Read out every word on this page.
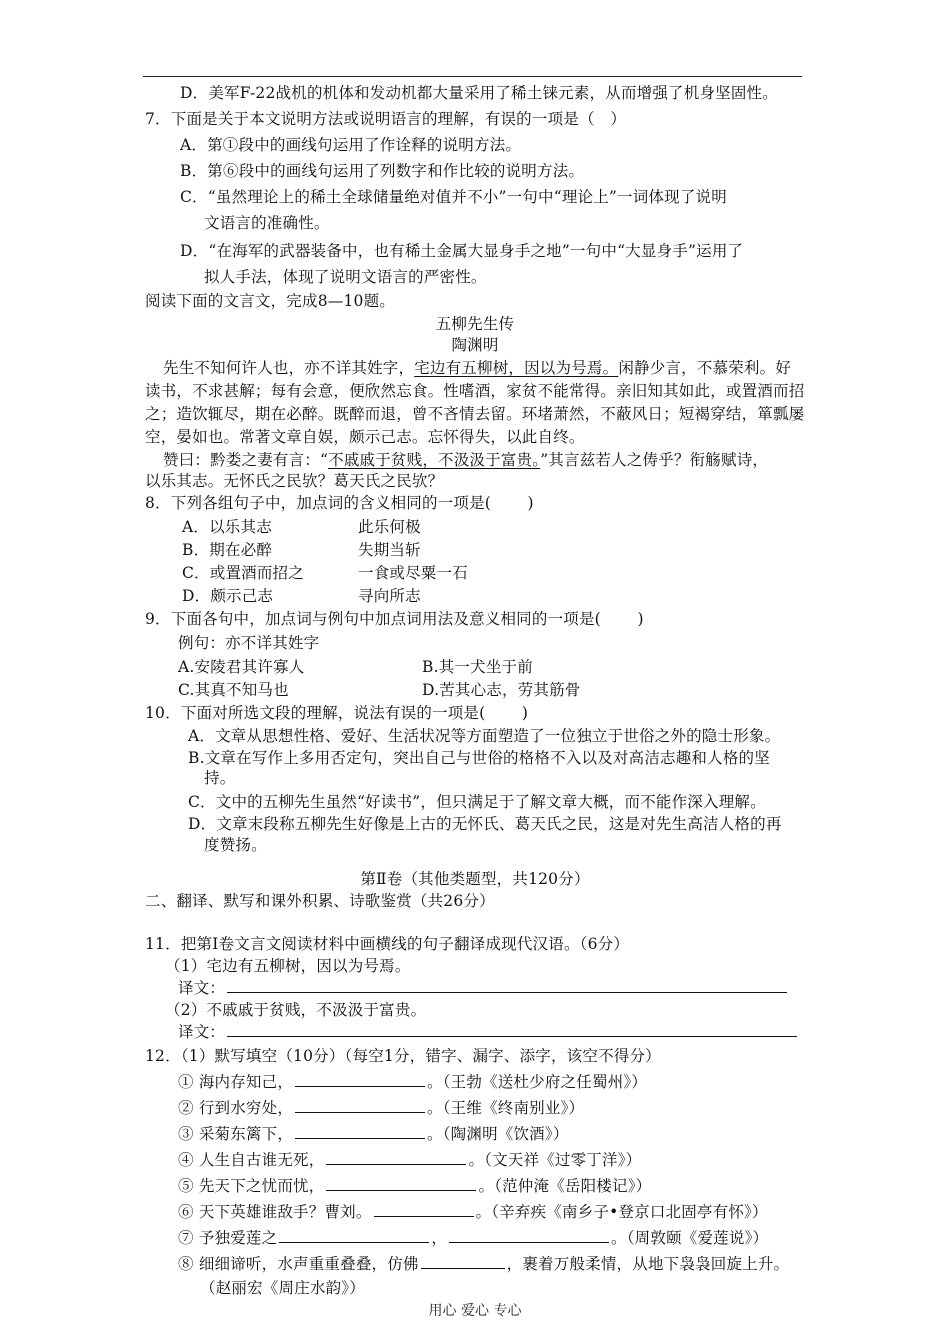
D．美军F-22战机的机体和发动机都大量采用了稀土铼元素，从而增强了机身坚固性。
7．下面是关于本文说明方法或说明语言的理解，有误的一项是（　）
A．第①段中的画线句运用了作诠释的说明方法。
B．第⑥段中的画线句运用了列数字和作比较的说明方法。
C．“虽然理论上的稀土全球储量绝对值并不小”一句中“理论上”一词体现了说明
文语言的准确性。
D．“在海军的武器装备中，也有稀土金属大显身手之地”一句中“大显身手”运用了
拟人手法，体现了说明文语言的严密性。
阅读下面的文言文，完成8—10题。
五柳先生传
陶渊明
先生不知何许人也，亦不详其姓字，宅边有五柳树，因以为号焉。闲静少言，不慕荣利。好
读书，不求甚解；每有会意，便欣然忘食。性嗜酒，家贫不能常得。亲旧知其如此，或置酒而招
之；造饮辄尽，期在必醉。既醉而退，曾不吝情去留。环堵萧然，不蔽风日；短褐穿结，箪瓢屡
空，晏如也。常著文章自娱，颇示己志。忘怀得失，以此自终。
赞曰：黔娄之妻有言：“不戚戚于贫贱，不汲汲于富贵。”其言兹若人之俦乎？衔觞赋诗，
以乐其志。无怀氏之民欤？葛天氏之民欤？
8．下列各组句子中，加点词的含义相同的一项是(　　 )
A．以乐其志	此乐何极
B．期在必醉	失期当斩
C．或置酒而招之	一食或尽粟一石
D．颇示己志	寻向所志
9．下面各句中，加点词与例句中加点词用法及意义相同的一项是(　　 )
例句：亦不详其姓字
A.安陵君其许寡人	B.其一犬坐于前
C.其真不知马也	D.苦其心志，劳其筋骨
10．下面对所选文段的理解，说法有误的一项是(　　 )
A．文章从思想性格、爱好、生活状况等方面塑造了一位独立于世俗之外的隐士形象。
B.文章在写作上多用否定句，突出自己与世俗的格格不入以及对高洁志趣和人格的坚
持。
C．文中的五柳先生虽然“好读书”，但只满足于了解文章大概，而不能作深入理解。
D．文章末段称五柳先生好像是上古的无怀氏、葛天氏之民，这是对先生高洁人格的再
度赞扬。
第Ⅱ卷（其他类题型，共120分）
二、翻译、默写和课外积累、诗歌鉴赏（共26分）
11．把第Ⅰ卷文言文阅读材料中画横线的句子翻译成现代汉语。（6分）
（1）宅边有五柳树，因以为号焉。
译文：
（2）不戚戚于贫贱，不汲汲于富贵。
译文：
12．（1）默写填空（10分）（每空1分，错字、漏字、添字，该空不得分）
① 海内存知己，	。（王勃《送杜少府之任蜀州》）
② 行到水穷处，	。（王维《终南别业》）
③ 采菊东篱下，	。（陶渊明《饮酒》）
④ 人生自古谁无死，	。（文天祥《过零丁洋》）
⑤ 先天下之忧而忧，	。（范仲淹《岳阳楼记》）
⑥ 天下英雄谁敌手？曹刘。	。（辛弃疾《南乡子•登京口北固亭有怀》）
⑦ 予独爱莲之	，	。（周敦颐《爱莲说》）
⑧ 细细谛听，水声重重叠叠，仿佛	，裹着万般柔情，从地下袅袅回旋上升。
（赵丽宏《周庄水韵》）
用心 爱心 专心
